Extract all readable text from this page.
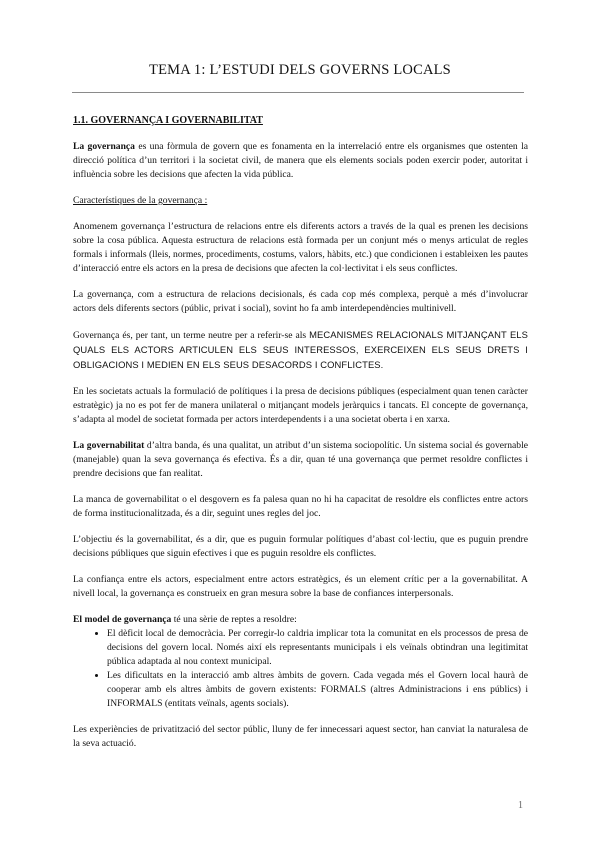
TEMA 1: L’ESTUDI DELS GOVERNS LOCALS

1.1. GOVERNANÇA I GOVERNABILITAT

La governança es una fòrmula de govern que es fonamenta en la interrelació entre els organismes que ostenten la direcció política d’un territori i la societat civil, de manera que els elements socials poden exercir poder, autoritat i influència sobre les decisions que afecten la vida pública.

Característiques de la governança :

Anomenem governança l’estructura de relacions entre els diferents actors a través de la qual es prenen les decisions sobre la cosa pública. Aquesta estructura de relacions està formada per un conjunt més o menys articulat de regles formals i informals (lleis, normes, procediments, costums, valors, hàbits, etc.) que condicionen i estableixen les pautes d’interacció entre els actors en la presa de decisions que afecten la col·lectivitat i els seus conflictes.

La governança, com a estructura de relacions decisionals, és cada cop més complexa, perquè a més d’involucrar actors dels diferents sectors (públic, privat i social), sovint ho fa amb interdependències multinivell.

Governança és, per tant, un terme neutre per a referir-se als MECANISMES RELACIONALS MITJANÇANT ELS QUALS ELS ACTORS ARTICULEN ELS SEUS INTERESSOS, EXERCEIXEN ELS SEUS DRETS I OBLIGACIONS I MEDIEN EN ELS SEUS DESACORDS I CONFLICTES.

En les societats actuals la formulació de polítiques i la presa de decisions públiques (especialment quan tenen caràcter estratègic) ja no es pot fer de manera unilateral o mitjançant models jeràrquics i tancats. El concepte de governança, s’adapta al model de societat formada per actors interdependents i a una societat oberta i en xarxa.

La governabilitat d’altra banda, és una qualitat, un atribut d’un sistema sociopolític. Un sistema social és governable (manejable) quan la seva governança és efectiva. És a dir, quan té una governança que permet resoldre conflictes i prendre decisions que fan realitat.

La manca de governabilitat o el desgovern es fa palesa quan no hi ha capacitat de resoldre els conflictes entre actors de forma institucionalitzada, és a dir, seguint unes regles del joc.

L’objectiu és la governabilitat, és a dir, que es puguin formular polítiques d’abast col·lectiu, que es puguin prendre decisions públiques que siguin efectives i que es puguin resoldre els conflictes.

La confiança entre els actors, especialment entre actors estratègics, és un element crític per a la governabilitat. A nivell local, la governança es construeix en gran mesura sobre la base de confiances interpersonals.

El model de governança té una sèrie de reptes a resoldre:

• El dèficit local de democràcia. Per corregir-lo caldria implicar tota la comunitat en els processos de presa de decisions del govern local. Només així els representants municipals i els veïnals obtindran una legitimitat pública adaptada al nou context municipal.
• Les dificultats en la interacció amb altres àmbits de govern. Cada vegada més el Govern local haurà de cooperar amb els altres àmbits de govern existents: FORMALS (altres Administracions i ens públics) i INFORMALS (entitats veïnals, agents socials).

Les experiències de privatització del sector públic, lluny de fer innecessari aquest sector, han canviat la naturalesa de la seva actuació.

1
